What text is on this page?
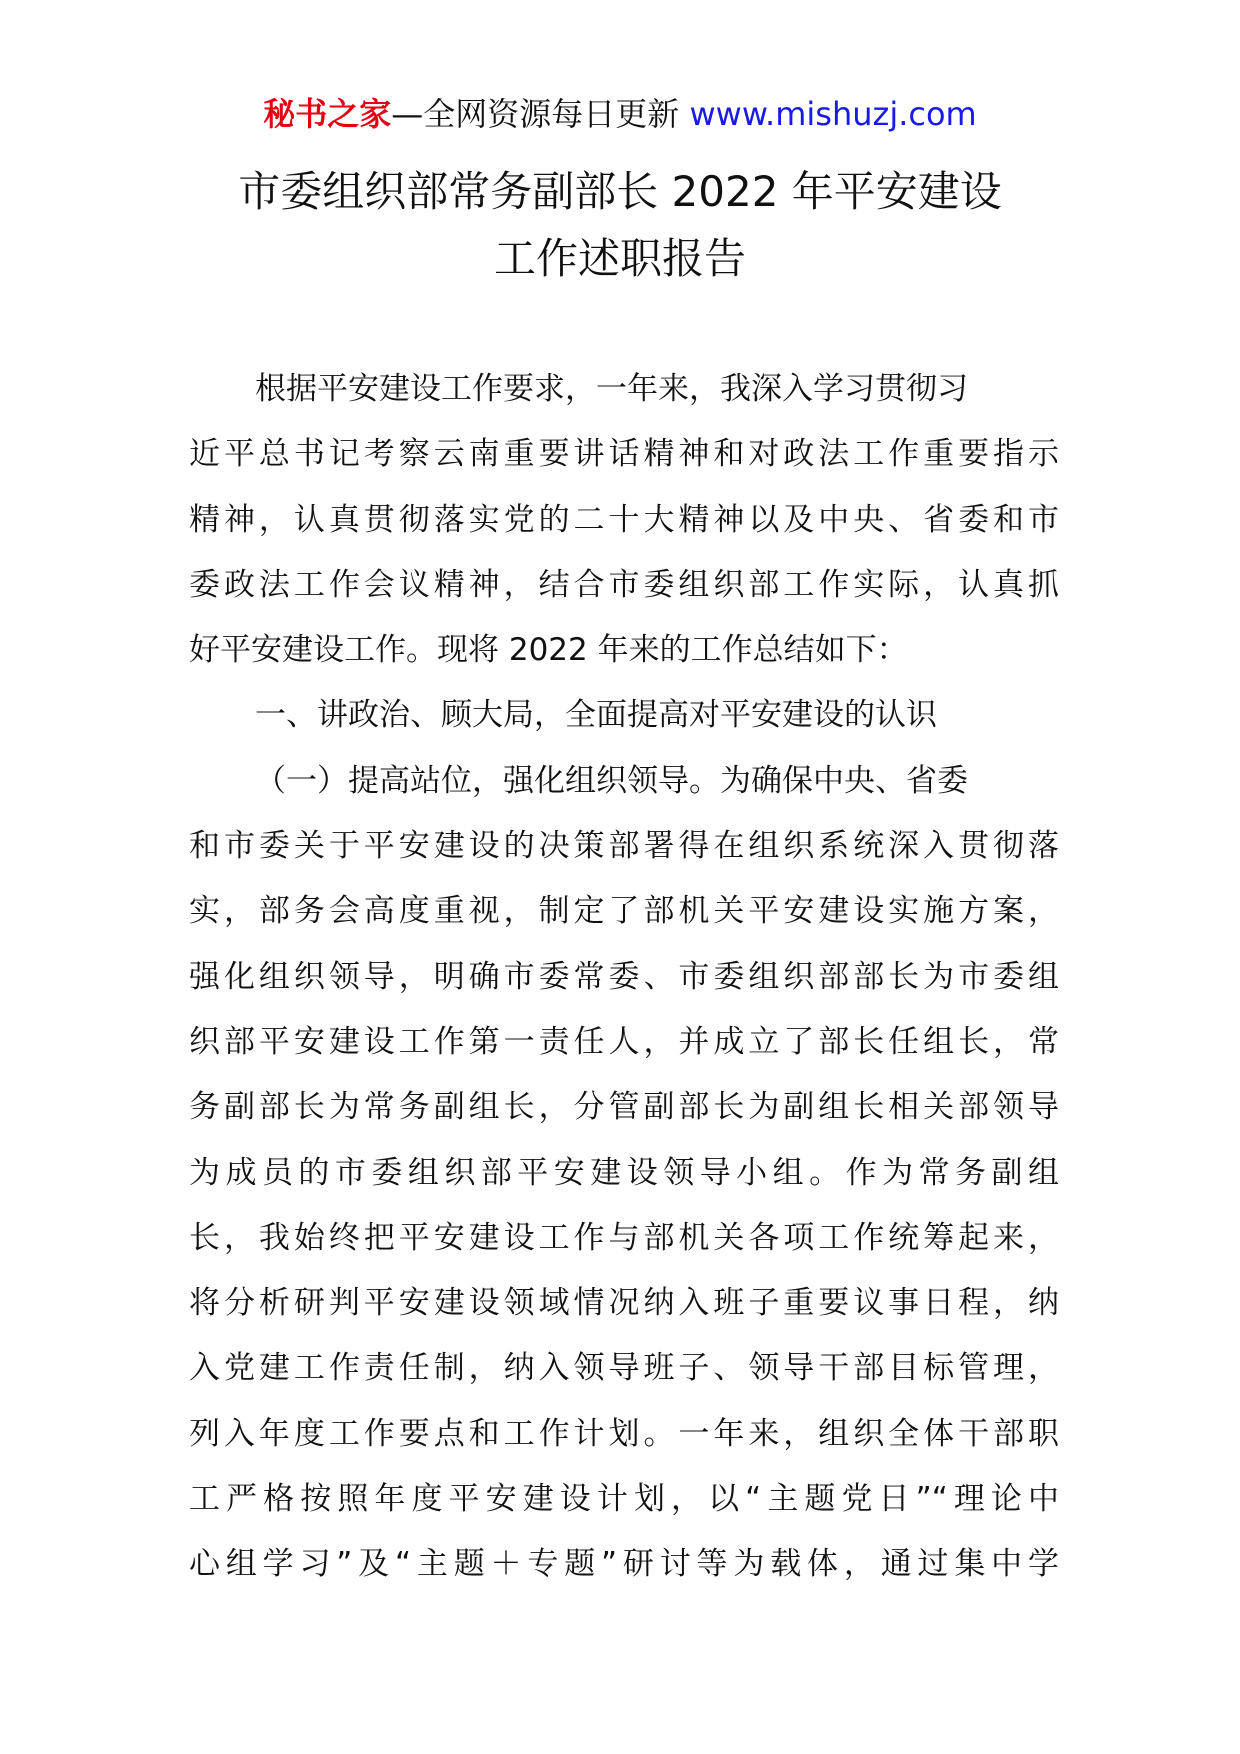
秘书之家—全网资源每日更新 www.mishuzj.com
市委组织部常务副部长 2022 年平安建设
工作述职报告
根据平安建设工作要求，一年来，我深入学习贯彻习
近平总书记考察云南重要讲话精神和对政法工作重要指示
精神，认真贯彻落实党的二十大精神以及中央、省委和市
委政法工作会议精神，结合市委组织部工作实际，认真抓
好平安建设工作。现将 2022 年来的工作总结如下：
一、讲政治、顾大局，全面提高对平安建设的认识
（一）提高站位，强化组织领导。为确保中央、省委
和市委关于平安建设的决策部署得在组织系统深入贯彻落
实，部务会高度重视，制定了部机关平安建设实施方案，
强化组织领导，明确市委常委、市委组织部部长为市委组
织部平安建设工作第一责任人，并成立了部长任组长，常
务副部长为常务副组长，分管副部长为副组长相关部领导
为成员的市委组织部平安建设领导小组。作为常务副组
长，我始终把平安建设工作与部机关各项工作统筹起来，
将分析研判平安建设领域情况纳入班子重要议事日程，纳
入党建工作责任制，纳入领导班子、领导干部目标管理，
列入年度工作要点和工作计划。一年来，组织全体干部职
工严格按照年度平安建设计划，以“主题党日”“理论中
心组学习”及“主题＋专题”研讨等为载体，通过集中学
